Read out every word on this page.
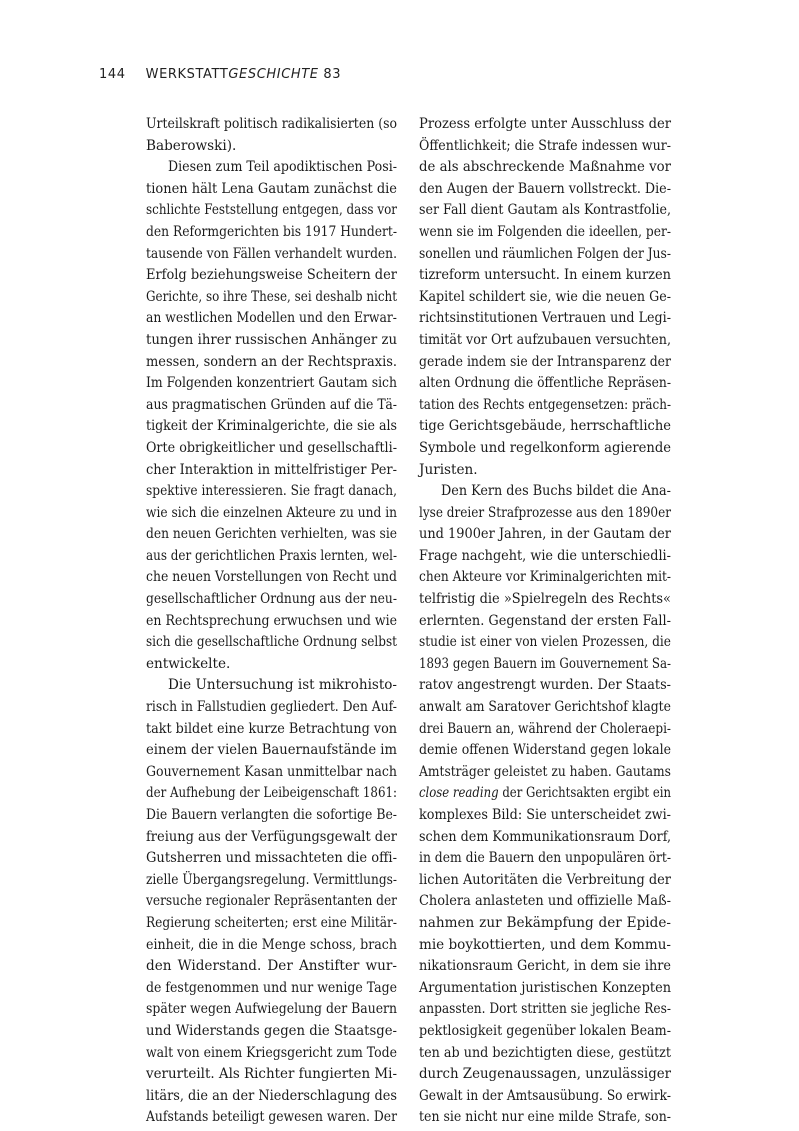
144 WERKSTATTGESCHICHTE 83
Urteilskraft politisch radikalisierten (so
Baberowski).
Diesen zum Teil apodiktischen Posi-
tionen hält Lena Gautam zunächst die
schlichte Feststellung entgegen, dass vor
den Reformgerichten bis 1917 Hundert-
tausende von Fällen verhandelt wurden.
Erfolg beziehungsweise Scheitern der
Gerichte, so ihre These, sei deshalb nicht
an westlichen Modellen und den Erwar-
tungen ihrer russischen Anhänger zu
messen, sondern an der Rechtspraxis.
Im Folgenden konzentriert Gautam sich
aus pragmatischen Gründen auf die Tä-
tigkeit der Kriminalgerichte, die sie als
Orte obrigkeitlicher und gesellschaftli-
cher Interaktion in mittelfristiger Per-
spektive interessieren. Sie fragt danach,
wie sich die einzelnen Akteure zu und in
den neuen Gerichten verhielten, was sie
aus der gerichtlichen Praxis lernten, wel-
che neuen Vorstellungen von Recht und
gesellschaftlicher Ordnung aus der neu-
en Rechtsprechung erwuchsen und wie
sich die gesellschaftliche Ordnung selbst
entwickelte.
Die Untersuchung ist mikrohisto-
risch in Fallstudien gegliedert. Den Auf-
takt bildet eine kurze Betrachtung von
einem der vielen Bauernaufstände im
Gouvernement Kasan unmittelbar nach
der Aufhebung der Leibeigenschaft 1861:
Die Bauern verlangten die sofortige Be-
freiung aus der Verfügungsgewalt der
Gutsherren und missachteten die offi-
zielle Übergangsregelung. Vermittlungs-
versuche regionaler Repräsentanten der
Regierung scheiterten; erst eine Militär-
einheit, die in die Menge schoss, brach
den Widerstand. Der Anstifter wur-
de festgenommen und nur wenige Tage
später wegen Aufwiegelung der Bauern
und Widerstands gegen die Staatsge-
walt von einem Kriegsgericht zum Tode
verurteilt. Als Richter fungierten Mi-
litärs, die an der Niederschlagung des
Aufstands beteiligt gewesen waren. Der
Prozess erfolgte unter Ausschluss der
Öffentlichkeit; die Strafe indessen wur-
de als abschreckende Maßnahme vor
den Augen der Bauern vollstreckt. Die-
ser Fall dient Gautam als Kontrastfolie,
wenn sie im Folgenden die ideellen, per-
sonellen und räumlichen Folgen der Jus-
tizreform untersucht. In einem kurzen
Kapitel schildert sie, wie die neuen Ge-
richtsinstitutionen Vertrauen und Legi-
timität vor Ort aufzubauen versuchten,
gerade indem sie der Intransparenz der
alten Ordnung die öffentliche Repräsen-
tation des Rechts entgegensetzen: präch-
tige Gerichtsgebäude, herrschaftliche
Symbole und regelkonform agierende
Juristen.
Den Kern des Buchs bildet die Ana-
lyse dreier Strafprozesse aus den 1890er
und 1900er Jahren, in der Gautam der
Frage nachgeht, wie die unterschiedli-
chen Akteure vor Kriminalgerichten mit-
telfristig die »Spielregeln des Rechts«
erlernten. Gegenstand der ersten Fall-
studie ist einer von vielen Prozessen, die
1893 gegen Bauern im Gouvernement Sa-
ratov angestrengt wurden. Der Staats-
anwalt am Saratover Gerichtshof klagte
drei Bauern an, während der Choleraepi-
demie offenen Widerstand gegen lokale
Amtsträger geleistet zu haben. Gautams
close reading der Gerichtsakten ergibt ein
komplexes Bild: Sie unterscheidet zwi-
schen dem Kommunikationsraum Dorf,
in dem die Bauern den unpopulären ört-
lichen Autoritäten die Verbreitung der
Cholera anlasteten und offizielle Maß-
nahmen zur Bekämpfung der Epide-
mie boykottierten, und dem Kommu-
nikationsraum Gericht, in dem sie ihre
Argumentation juristischen Konzepten
anpassten. Dort stritten sie jegliche Res-
pektlosigkeit gegenüber lokalen Beam-
ten ab und bezichtigten diese, gestützt
durch Zeugenaussagen, unzulässiger
Gewalt in der Amtsausübung. So erwirk-
ten sie nicht nur eine milde Strafe, son-
